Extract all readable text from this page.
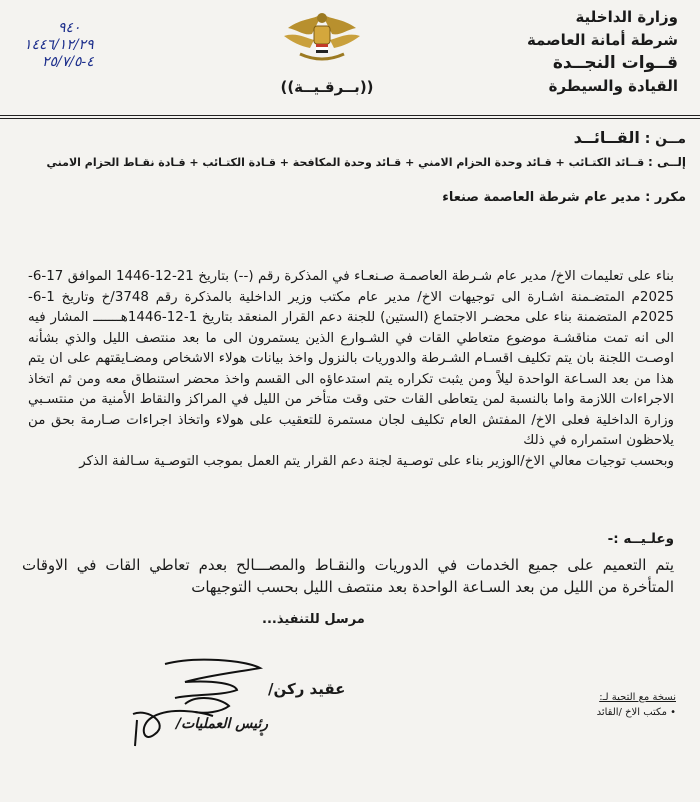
وزارة الداخلية
شرطة أمانة العاصمة
قــوات النجــدة
القيادة والسيطرة
((بــرقـيــة))
٩٤٠
١٤٤٦/١٢/٢٩
٤-٢٥/٧/٥
مــن : القــائــد
إلــى : قــائد الكتـائب + قـائد وحدة الحزام الامني + قـائد وحدة المكافحة + قـادة الكتـائب + قـادة نقـاط الحزام الامني
مكرر : مدير عام شرطة العاصمة صنعاء

بناء على تعليمات الاخ/ مدير عام شـرطة العاصمـة صـنعـاء في المذكرة رقم (--) بتاريخ 21-12-1446 الموافق 17-6-2025م المتضـمنة اشـارة الى توجيهات الاخ/ مدير عام مكتب وزير الداخلية بالمذكرة رقم 3748/خ وتاريخ 1-6-2025م المتضمنة بناء على محضـر الاجتماع (الستين) للجنة دعم القرار المنعقد بتاريخ 1-12-1446هـــــــ المشار فيه الى انه تمت مناقشـة موضوع متعاطي القات في الشـوارع الذين يستمرون الى ما بعد منتصف الليل والذي بشأنه اوصـت اللجنة بان يتم تكليف اقسـام الشـرطة والدوريات بالنزول واخذ بيانات هولاء الاشخاص ومضـايقتهم على ان يتم هذا من بعد السـاعة الواحدة ليلاً ومن يثبت تكراره يتم استدعاؤه الى القسم واخذ محضر استنطاق معه ومن ثم اتخاذ الاجراءات اللازمة واما بالنسبة لمن يتعاطى القات حتى وقت متأخر من الليل في المراكز والنقاط الأمنية من منتسـبي وزارة الداخلية فعلى الاخ/ المفتش العام تكليف لجان مستمرة للتعقيب على هولاء واتخاذ اجراءات صـارمة بحق من يلاحظون استمراره في ذلك

وبحسب توجيات معالي الاخ/الوزير بناء على توصـية لجنة دعم القرار يتم العمل بموجب التوصـية سـالفة الذكر

وعلـيــه :-
يتم التعميم على جميع الخدمات في الدوريات والنقـاط والمصـــالح بعدم تعاطي القات في الاوقات المتأخرة من الليل من بعد السـاعة الواحدة بعد منتصف الليل بحسب التوجيهات
مرسل للتنفيذ...
عقيد ركن/
رئيس العمليات/
•
نسخة مع التحية لـ:
• مكتب الاخ /القائد
